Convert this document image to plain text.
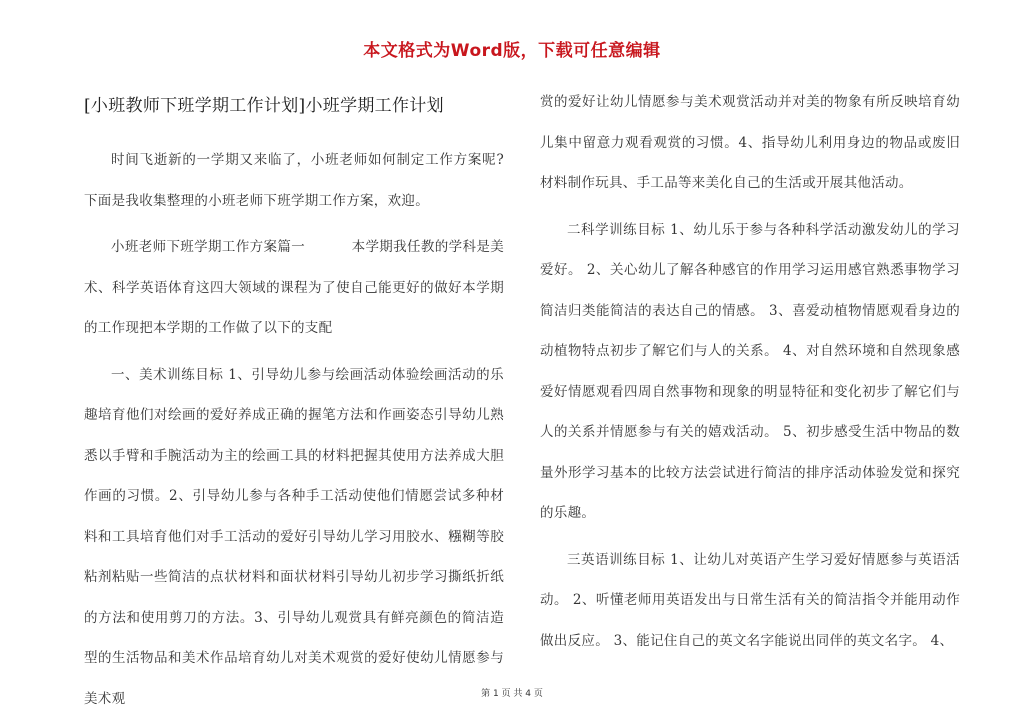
本文格式为Word版，下载可任意编辑
[小班教师下班学期工作计划]小班学期工作计划

时间飞逝新的一学期又来临了，小班老师如何制定工作方案呢?下面是我收集整理的小班老师下班学期工作方案，欢迎。

小班老师下班学期工作方案篇一          本学期我任教的学科是美术、科学英语体育这四大领域的课程为了使自己能更好的做好本学期的工作现把本学期的工作做了以下的支配

一、美术训练目标 1、引导幼儿参与绘画活动体验绘画活动的乐趣培育他们对绘画的爱好养成正确的握笔方法和作画姿态引导幼儿熟悉以手臂和手腕活动为主的绘画工具的材料把握其使用方法养成大胆作画的习惯。2、引导幼儿参与各种手工活动使他们情愿尝试多种材料和工具培育他们对手工活动的爱好引导幼儿学习用胶水、糨糊等胶粘剂粘贴一些简洁的点状材料和面状材料引导幼儿初步学习撕纸折纸的方法和使用剪刀的方法。3、引导幼儿观赏具有鲜亮颜色的简洁造型的生活物品和美术作品培育幼儿对美术观赏的爱好使幼儿情愿参与美术观

赏的爱好让幼儿情愿参与美术观赏活动并对美的物象有所反映培育幼儿集中留意力观看观赏的习惯。4、指导幼儿利用身边的物品或废旧材料制作玩具、手工品等来美化自己的生活或开展其他活动。

二科学训练目标 1、幼儿乐于参与各种科学活动激发幼儿的学习爱好。 2、关心幼儿了解各种感官的作用学习运用感官熟悉事物学习简洁归类能简洁的表达自己的情感。 3、喜爱动植物情愿观看身边的动植物特点初步了解它们与人的关系。 4、对自然环境和自然现象感爱好情愿观看四周自然事物和现象的明显特征和变化初步了解它们与人的关系并情愿参与有关的嬉戏活动。 5、初步感受生活中物品的数量外形学习基本的比较方法尝试进行简洁的排序活动体验发觉和探究的乐趣。

三英语训练目标 1、让幼儿对英语产生学习爱好情愿参与英语活动。 2、听懂老师用英语发出与日常生活有关的简洁指令并能用动作做出反应。 3、能记住自己的英文名字能说出同伴的英文名字。 4、

第 1 页 共 4 页
